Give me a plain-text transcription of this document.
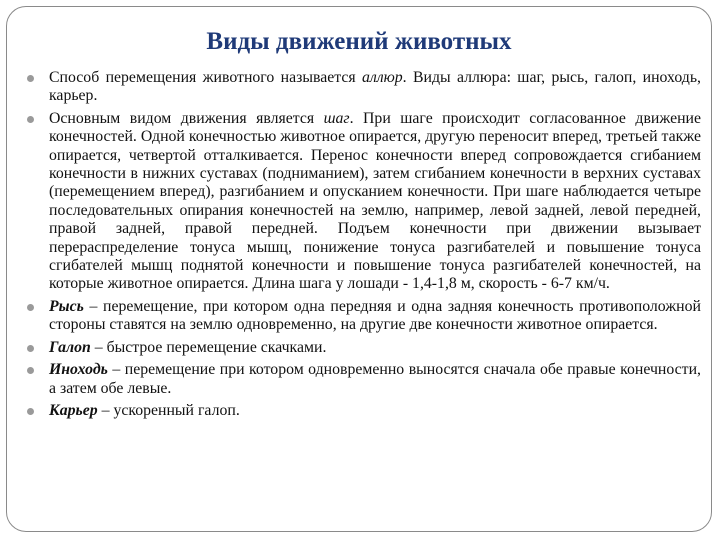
Виды движений животных
Способ перемещения животного называется аллюр. Виды аллюра: шаг, рысь, галоп, иноходь, карьер.
Основным видом движения является шаг. При шаге происходит согласованное движение конечностей. Одной конечностью животное опирается, другую переносит вперед, третьей также опирается, четвертой отталкивается. Перенос конечности вперед сопровождается сгибанием конечности в нижних суставах (подниманием), затем сгибанием конечности в верхних суставах (перемещением вперед), разгибанием и опусканием конечности. При шаге наблюдается четыре последовательных опирания конечностей на землю, например, левой задней, левой передней, правой задней, правой передней. Подъем конечности при движении вызывает перераспределение тонуса мышц, понижение тонуса разгибателей и повышение тонуса сгибателей мышц поднятой конечности и повышение тонуса разгибателей конечностей, на которые животное опирается. Длина шага у лошади - 1,4-1,8 м, скорость - 6-7 км/ч.
Рысь – перемещение, при котором одна передняя и одна задняя конечность противоположной стороны ставятся на землю одновременно, на другие две конечности животное опирается.
Галоп – быстрое перемещение скачками.
Иноходь – перемещение при котором одновременно выносятся сначала обе правые конечности, а затем обе левые.
Карьер – ускоренный галоп.
